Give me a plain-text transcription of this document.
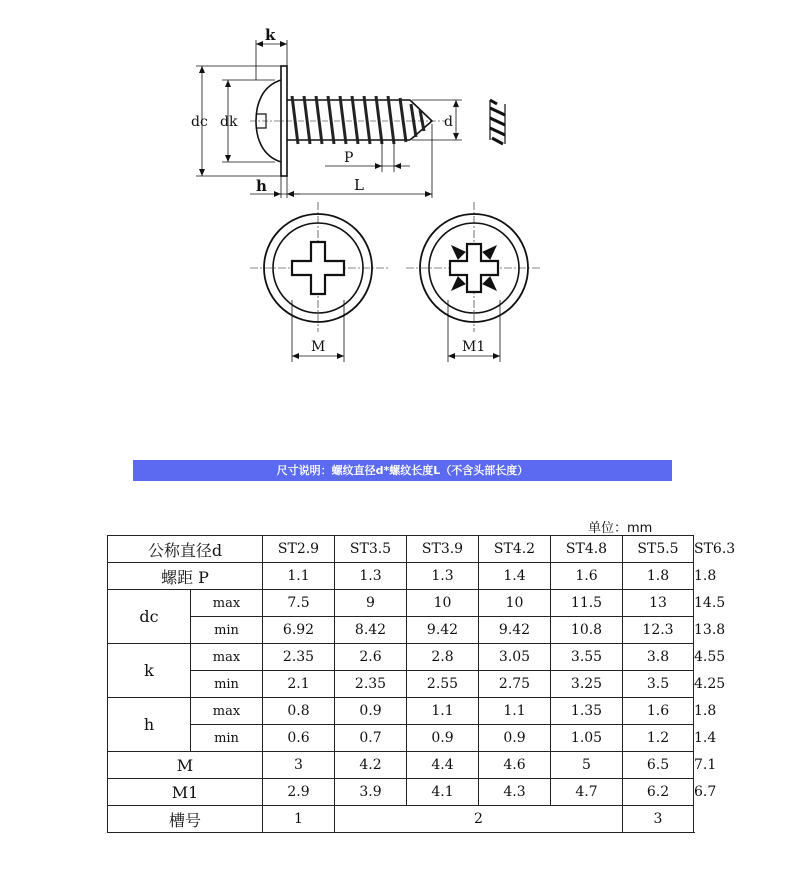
k
dc dk	d
P
h	L
M	M1
尺寸说明：螺纹直径d*螺纹长度L（不含头部长度）
单位：mm
公称直径d		ST2.9	ST3.5	ST3.9	ST4.2	ST4.8	ST5.5	ST6.3
螺距 P		1.1	1.3	1.3	1.4	1.6	1.8	1.8
dc	max	7.5	9	10	10	11.5	13	14.5
	min	6.92	8.42	9.42	9.42	10.8	12.3	13.8
k	max	2.35	2.6	2.8	3.05	3.55	3.8	4.55
	min	2.1	2.35	2.55	2.75	3.25	3.5	4.25
h	max	0.8	0.9	1.1	1.1	1.35	1.6	1.8
	min	0.6	0.7	0.9	0.9	1.05	1.2	1.4
M		3	4.2	4.4	4.6	5	6.5	7.1
M1		2.9	3.9	4.1	4.3	4.7	6.2	6.7
槽号		1	2				3	
